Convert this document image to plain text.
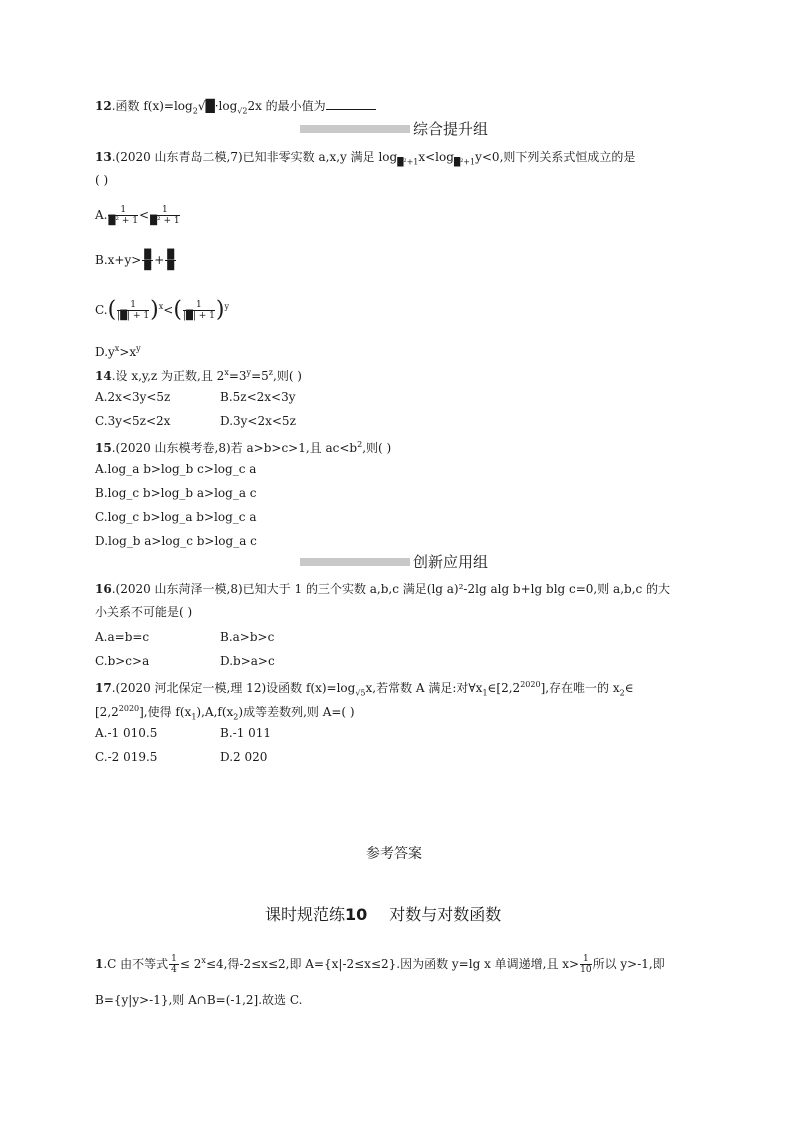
12.函数 $f(x)=\log_2√█\cdot\log_{√2}2x$ 的最小值为
综合提升组
13.(2020 山东青岛二模,7)已知非零实数 a,x,y 满足 $\log_{█^2+1}x<\log_{█^2+1}y<0$,则下列关系式恒成立的是
( )
A. $\frac{1}{\text{█² + 1}} < \frac{1}{\text{█² + 1}}$
$B.x+y> \frac{█}{█} + \frac{█}{█}$
$C.( \frac{1}{|█| + 1} )^x<( \frac{1}{|█| + 1} )^y$
$D.y^x>x^y$
14.设 x,y,z 为正数,且 $2^x=3^y=5^z$,则( )
A.2x<3y<5z	B.5z<2x<3y
C.3y<5z<2x	D.3y<2x<5z
15.(2020 山东模考卷,8)若 a>b>c>1,且 $ac<b^2$,则( )
A.log_a b>log_b c>log_c a
B.log_c b>log_b a>log_a c
C.log_c b>log_a b>log_c a
D.log_b a>log_c b>log_a c
创新应用组
16.(2020 山东菏泽一模,8)已知大于 1 的三个实数 a,b,c 满足(lg a)²-2lg alg b+lg blg c=0,则 a,b,c 的大
小关系不可能是( )
A.a=b=c	B.a>b>c
C.b>c>a	D.b>a>c
17.(2020 河北保定一模,理 12)设函数 $f(x)=\log_{√5}x$,若常数 A 满足:对$\forall x_1\in[2,2^{2020}]$,存在唯一的 $x_2\in$
$[2,2^{2020}]$,使得 $f(x_1),A,f(x_2)$成等差数列,则 A=( )
A.-1 010.5	B.-1 011
C.-2 019.5	D.2 020
参考答案
课时规范练10 对数与对数函数
1.C 由不等式 $\frac{1}{4} \le 2^x\le 4$,得-2≤x≤2,即 A={x|-2≤x≤2}.因为函数 y=lg x 单调递增,且 $x> \frac{1}{10}$ 所以 y>-1,即
B={y|y>-1},则 A∩B=(-1,2].故选 C.
